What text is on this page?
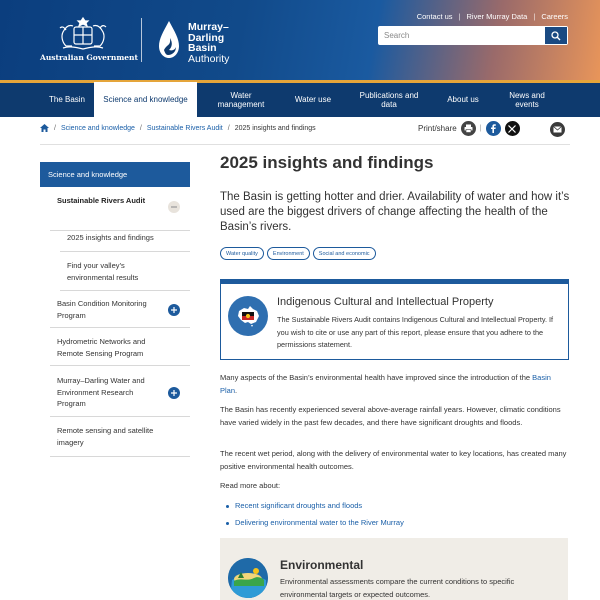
Australian Government
Murray–
Darling
Basin
Authority
Contact us | River Murray Data | Careers
Search
The Basin	Science and knowledge
Water management
Water use
Publications and data
About us
News and events
/ Science and knowledge / Sustainable Rivers Audit / 2025 insights and findings	Print/share	|
Science and knowledge
Sustainable Rivers Audit
2025 insights and findings
Find your valley’s environmental results
Basin Condition Monitoring Program
Hydrometric Networks and Remote Sensing Program
Murray–Darling Water and Environment Research Program
Remote sensing and satellite imagery
2025 insights and findings
The Basin is getting hotter and drier. Availability of water and how it’s used are the biggest drivers of change affecting the health of the Basin’s rivers.
Water quality	Environment	Social and economic
Indigenous Cultural and Intellectual Property
The Sustainable Rivers Audit contains Indigenous Cultural and Intellectual Property. If you wish to cite or use any part of this report, please ensure that you adhere to the permissions statement.
Many aspects of the Basin’s environmental health have improved since the introduction of the Basin Plan.
The Basin has recently experienced several above-average rainfall years. However, climatic conditions have varied widely in the past few decades, and there have significant droughts and floods.
The recent wet period, along with the delivery of environmental water to key locations, has created many positive environmental health outcomes.
Read more about:
Recent significant droughts and floods
Delivering environmental water to the River Murray
Environmental
Environmental assessments compare the current conditions to specific environmental targets or expected outcomes.
